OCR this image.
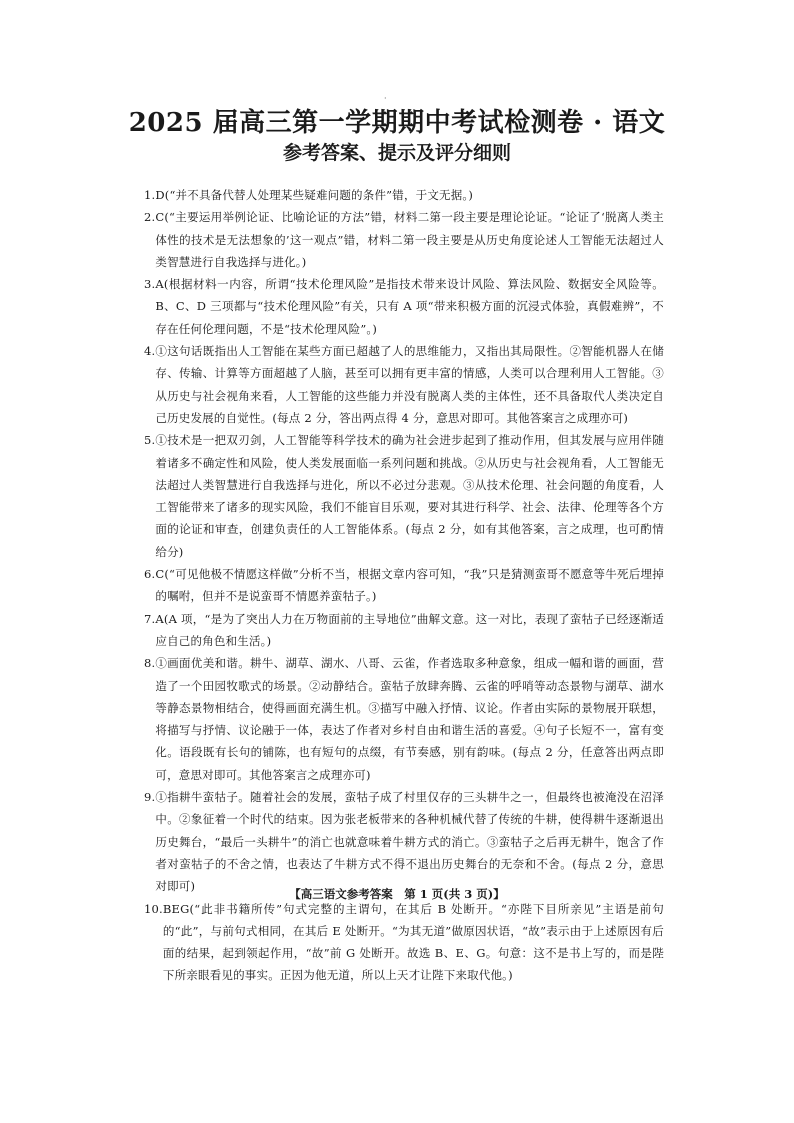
·
2025 届高三第一学期期中考试检测卷 · 语文
参考答案、提示及评分细则
1. D(“并不具备代替人处理某些疑难问题的条件”错，于文无据。)
2. C(“主要运用举例论证、比喻论证的方法”错，材料二第一段主要是理论论证。“论证了‘脱离人类主体性的技术是无法想象的’这一观点”错，材料二第一段主要是从历史角度论述人工智能无法超过人类智慧进行自我选择与进化。)
3. A(根据材料一内容，所谓“技术伦理风险”是指技术带来设计风险、算法风险、数据安全风险等。B、C、D 三项都与“技术伦理风险”有关，只有 A 项“带来积极方面的沉浸式体验，真假难辨”，不存在任何伦理问题，不是“技术伦理风险”。)
4. ①这句话既指出人工智能在某些方面已超越了人的思维能力，又指出其局限性。②智能机器人在储存、传输、计算等方面超越了人脑，甚至可以拥有更丰富的情感，人类可以合理利用人工智能。③从历史与社会视角来看，人工智能的这些能力并没有脱离人类的主体性，还不具备取代人类决定自己历史发展的自觉性。(每点 2 分，答出两点得 4 分，意思对即可。其他答案言之成理亦可)
5. ①技术是一把双刃剑，人工智能等科学技术的确为社会进步起到了推动作用，但其发展与应用伴随着诸多不确定性和风险，使人类发展面临一系列问题和挑战。②从历史与社会视角看，人工智能无法超过人类智慧进行自我选择与进化，所以不必过分悲观。③从技术伦理、社会问题的角度看，人工智能带来了诸多的现实风险，我们不能盲目乐观，要对其进行科学、社会、法律、伦理等各个方面的论证和审查，创建负责任的人工智能体系。(每点 2 分，如有其他答案，言之成理，也可酌情给分)
6. C(“可见他极不情愿这样做”分析不当，根据文章内容可知，“我”只是猜测蛮哥不愿意等牛死后埋掉的嘱咐，但并不是说蛮哥不情愿养蛮牯子。)
7. A(A 项，“是为了突出人力在万物面前的主导地位”曲解文意。这一对比，表现了蛮牯子已经逐渐适应自己的角色和生活。)
8. ①画面优美和谐。耕牛、湖草、湖水、八哥、云雀，作者选取多种意象，组成一幅和谐的画面，营造了一个田园牧歌式的场景。②动静结合。蛮牯子放肆奔腾、云雀的呼哨等动态景物与湖草、湖水等静态景物相结合，使得画面充满生机。③描写中融入抒情、议论。作者由实际的景物展开联想，将描写与抒情、议论融于一体，表达了作者对乡村自由和谐生活的喜爱。④句子长短不一，富有变化。语段既有长句的铺陈，也有短句的点缀，有节奏感，别有韵味。(每点 2 分，任意答出两点即可，意思对即可。其他答案言之成理亦可)
9. ①指耕牛蛮牯子。随着社会的发展，蛮牯子成了村里仅存的三头耕牛之一，但最终也被淹没在沼泽中。②象征着一个时代的结束。因为张老板带来的各种机械代替了传统的牛耕，使得耕牛逐渐退出历史舞台，“最后一头耕牛”的消亡也就意味着牛耕方式的消亡。③蛮牯子之后再无耕牛，饱含了作者对蛮牯子的不舍之情，也表达了牛耕方式不得不退出历史舞台的无奈和不舍。(每点 2 分，意思对即可)
10. BEG(“此非书籍所传”句式完整的主谓句，在其后 B 处断开。“亦陛下目所亲见”主语是前句的“此”，与前句式相同，在其后 E 处断开。“为其无道”做原因状语，“故”表示由于上述原因有后面的结果，起到领起作用，“故”前 G 处断开。故选 B、E、G。句意：这不是书上写的，而是陛下所亲眼看见的事实。正因为他无道，所以上天才让陛下来取代他。)
【高三语文参考答案　第 1 页(共 3 页)】
